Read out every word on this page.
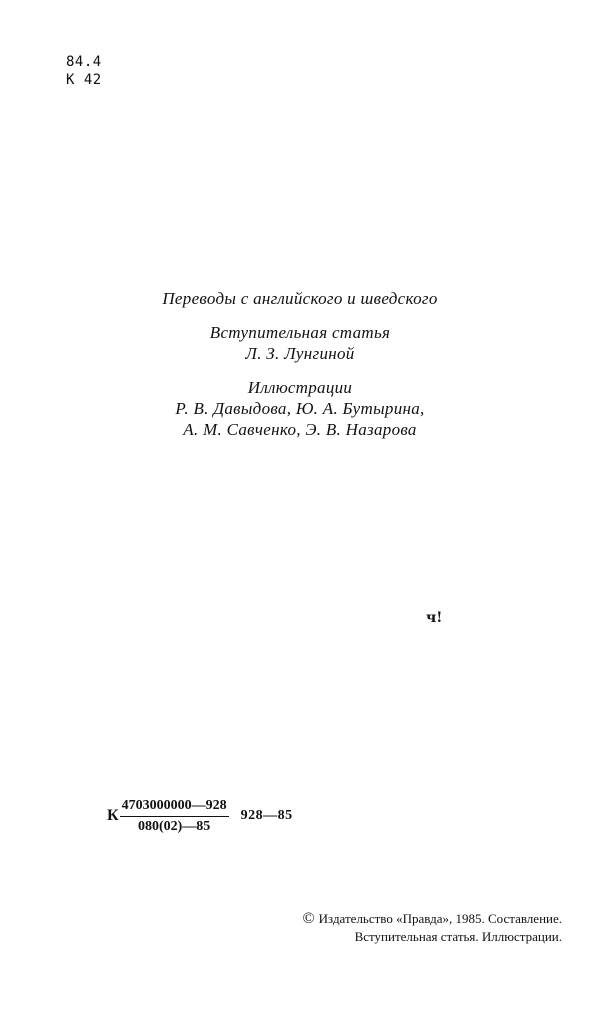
84.4
К 42
Переводы с английского и шведского
Вступительная статья
Л. З. Лунгиной
Иллюстрации
Р. В. Давыдова, Ю. А. Бутырина,
А. М. Савченко, Э. В. Назарова
ч!
К $\frac{4703000000—928}{080(02)—85}$ 928—85
© Издательство «Правда», 1985. Составление.
Вступительная статья. Иллюстрации.
